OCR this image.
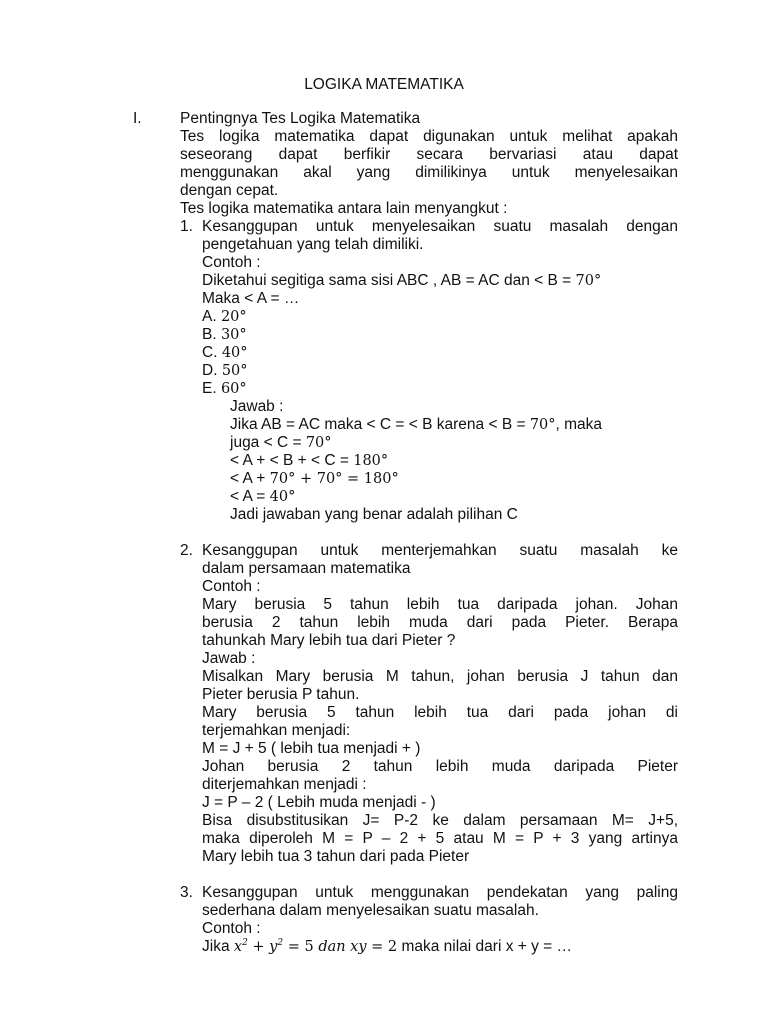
LOGIKA MATEMATIKA
I. Pentingnya Tes Logika Matematika
Tes logika matematika dapat digunakan untuk melihat apakah
seseorang dapat berfikir secara bervariasi atau dapat
menggunakan akal yang dimilikinya untuk menyelesaikan
dengan cepat.
Tes logika matematika antara lain menyangkut :
1. Kesanggupan untuk menyelesaikan suatu masalah dengan
pengetahuan yang telah dimiliki.
Contoh :
Diketahui segitiga sama sisi ABC , AB = AC dan < B = 70°
Maka < A = …
A. 20°
B. 30°
C. 40°
D. 50°
E. 60°
Jawab :
Jika AB = AC maka < C = < B karena < B = 70°, maka
juga < C = 70°
< A + < B + < C = 180°
< A + 70° + 70° = 180°
< A = 40°
Jadi jawaban yang benar adalah pilihan C
2. Kesanggupan untuk menterjemahkan suatu masalah ke
dalam persamaan matematika
Contoh :
Mary berusia 5 tahun lebih tua daripada johan. Johan
berusia 2 tahun lebih muda dari pada Pieter. Berapa
tahunkah Mary lebih tua dari Pieter ?
Jawab :
Misalkan Mary berusia M tahun, johan berusia J tahun dan
Pieter berusia P tahun.
Mary berusia 5 tahun lebih tua dari pada johan di
terjemahkan menjadi:
M = J + 5 ( lebih tua menjadi + )
Johan berusia 2 tahun lebih muda daripada Pieter
diterjemahkan menjadi :
J = P – 2 ( Lebih muda menjadi - )
Bisa disubstitusikan J= P-2 ke dalam persamaan M= J+5,
maka diperoleh M = P – 2 + 5 atau M = P + 3 yang artinya
Mary lebih tua 3 tahun dari pada Pieter
3. Kesanggupan untuk menggunakan pendekatan yang paling
sederhana dalam menyelesaikan suatu masalah.
Contoh :
Jika $x^2 + y^2 = 5$ dan xy = 2 maka nilai dari x + y = …
